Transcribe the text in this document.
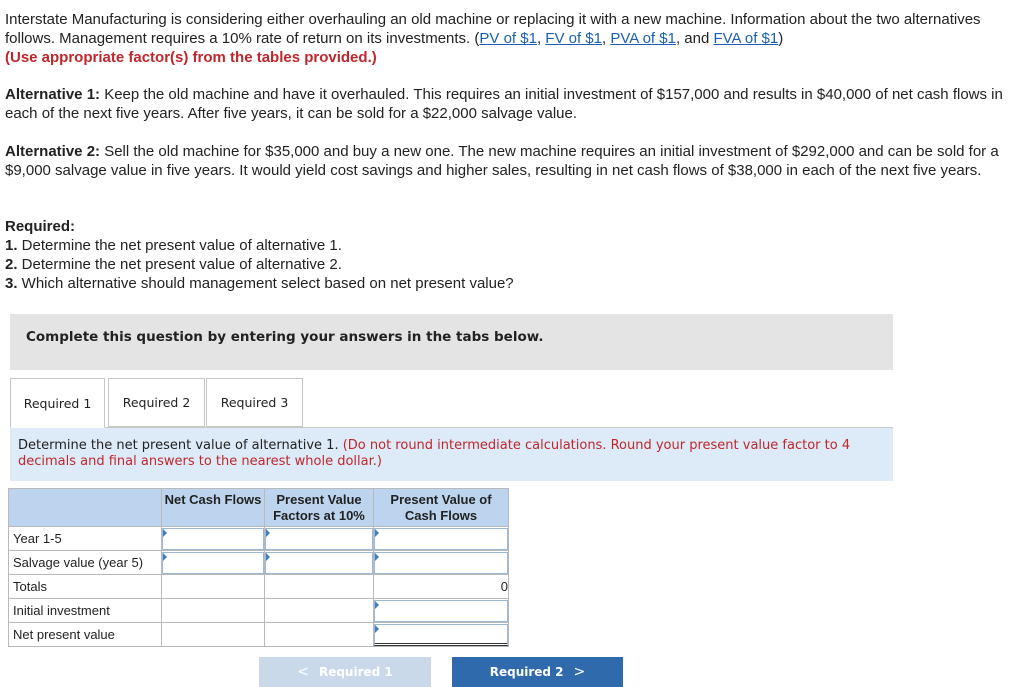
Interstate Manufacturing is considering either overhauling an old machine or replacing it with a new machine. Information about the two alternatives follows. Management requires a 10% rate of return on its investments. (PV of $1, FV of $1, PVA of $1, and FVA of $1)
(Use appropriate factor(s) from the tables provided.)
Alternative 1: Keep the old machine and have it overhauled. This requires an initial investment of $157,000 and results in $40,000 of net cash flows in each of the next five years. After five years, it can be sold for a $22,000 salvage value.
Alternative 2: Sell the old machine for $35,000 and buy a new one. The new machine requires an initial investment of $292,000 and can be sold for a $9,000 salvage value in five years. It would yield cost savings and higher sales, resulting in net cash flows of $38,000 in each of the next five years.
Required:
1. Determine the net present value of alternative 1.
2. Determine the net present value of alternative 2.
3. Which alternative should management select based on net present value?
Complete this question by entering your answers in the tabs below.
Required 1	Required 2	Required 3
Determine the net present value of alternative 1. (Do not round intermediate calculations. Round your present value factor to 4 decimals and final answers to the nearest whole dollar.)
	Net Cash Flows	Present Value Factors at 10%	Present Value of Cash Flows
Year 1-5	

Salvage value (year 5)	

Totals			0
Initial investment			

Net present value			
< Required 1	Required 2 >
